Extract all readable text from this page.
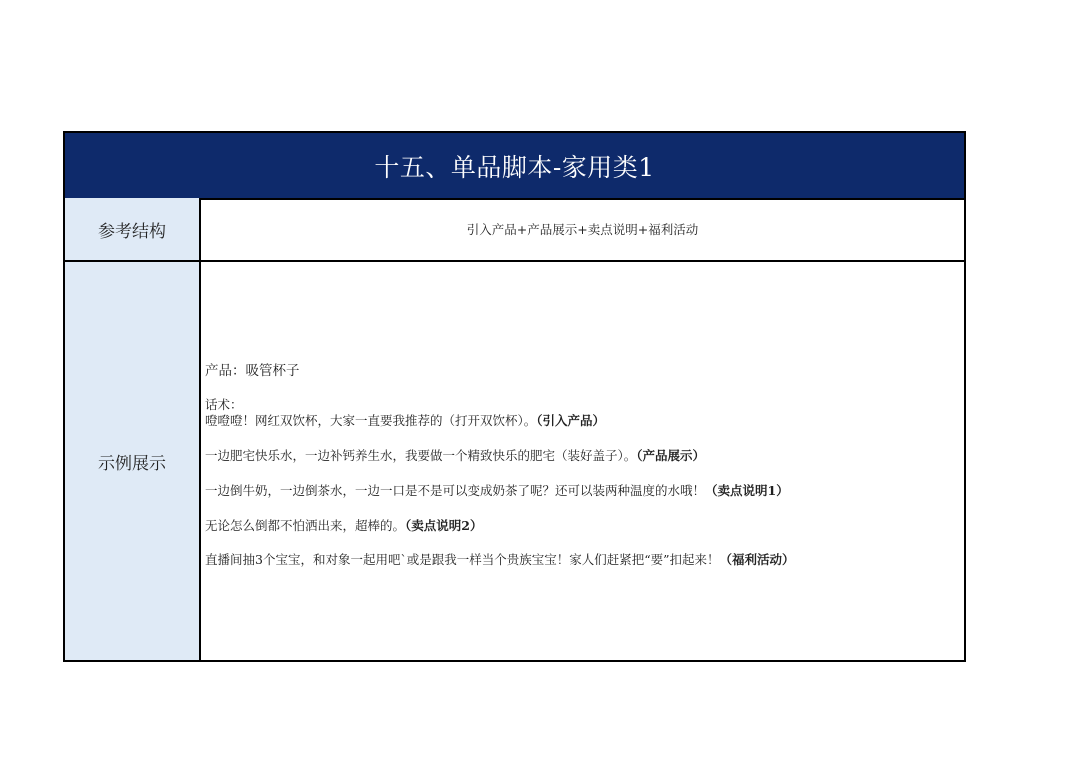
十五、单品脚本-家用类1
参考结构	引入产品+产品展示+卖点说明+福利活动
示例展示
产品：吸管杯子
话术：
噔噔噔！网红双饮杯，大家一直要我推荐的（打开双饮杯）。（引入产品）
一边肥宅快乐水，一边补钙养生水，我要做一个精致快乐的肥宅（装好盖子）。（产品展示）
一边倒牛奶，一边倒茶水，一边一口是不是可以变成奶茶了呢？还可以装两种温度的水哦！（卖点说明1）
无论怎么倒都不怕洒出来，超棒的。（卖点说明2）
直播间抽3个宝宝，和对象一起用吧`或是跟我一样当个贵族宝宝！家人们赶紧把“要”扣起来！（福利活动）
